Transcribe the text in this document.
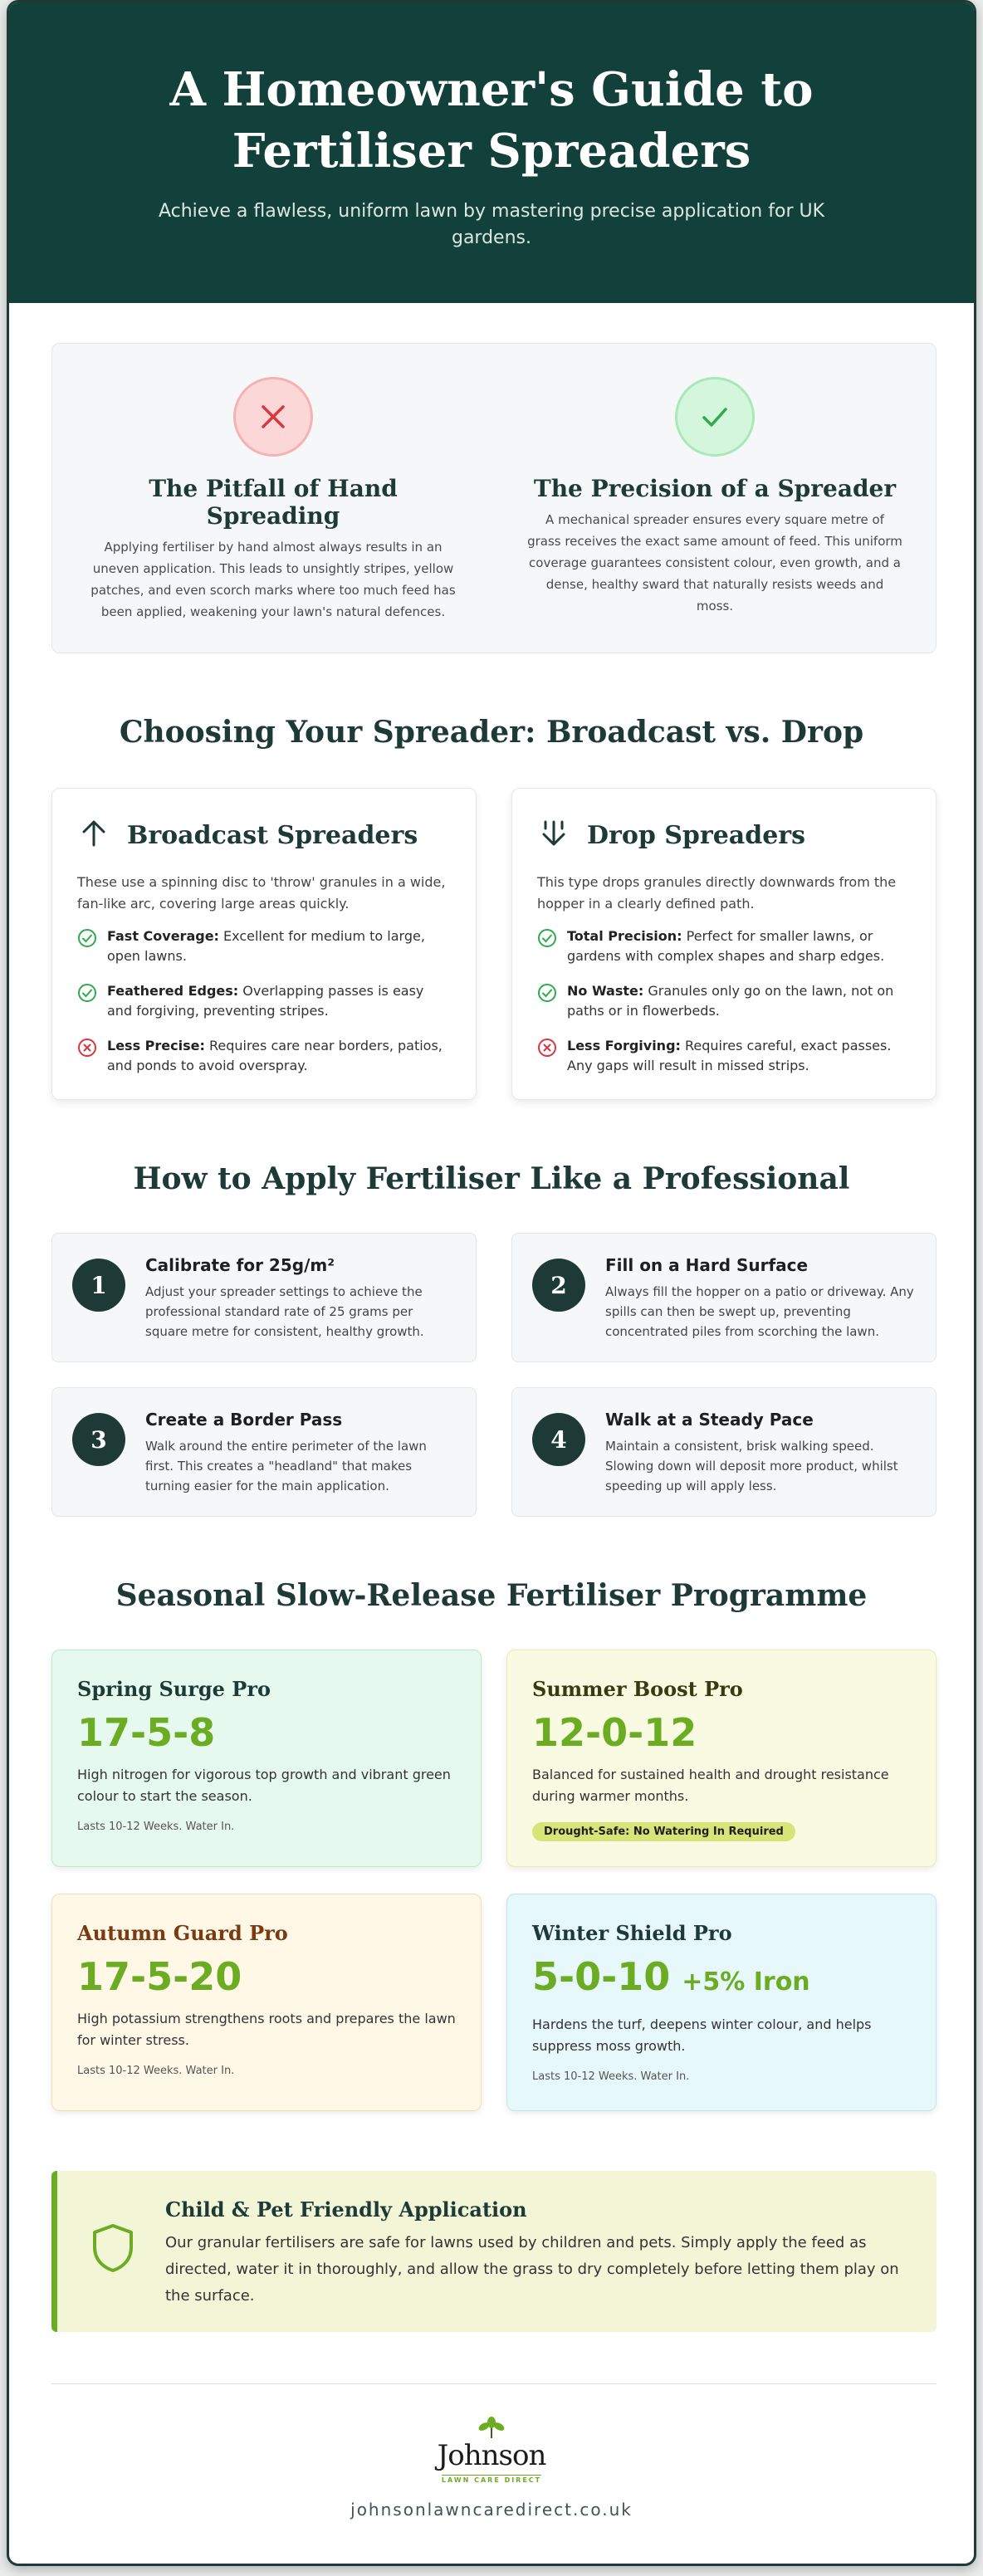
A Homeowner's Guide to Fertiliser Spreaders

Achieve a flawless, uniform lawn by mastering precise application for UK gardens.

The Pitfall of Hand Spreading

Applying fertiliser by hand almost always results in an uneven application. This leads to unsightly stripes, yellow patches, and even scorch marks where too much feed has been applied, weakening your lawn's natural defences.

The Precision of a Spreader

A mechanical spreader ensures every square metre of grass receives the exact same amount of feed. This uniform coverage guarantees consistent colour, even growth, and a dense, healthy sward that naturally resists weeds and moss.

Choosing Your Spreader: Broadcast vs. Drop
Broadcast Spreaders

These use a spinning disc to 'throw' granules in a wide, fan-like arc, covering large areas quickly.

Fast Coverage: Excellent for medium to large, open lawns.
Feathered Edges: Overlapping passes is easy and forgiving, preventing stripes.
Less Precise: Requires care near borders, patios, and ponds to avoid overspray.
Drop Spreaders

This type drops granules directly downwards from the hopper in a clearly defined path.

Total Precision: Perfect for smaller lawns, or gardens with complex shapes and sharp edges.
No Waste: Granules only go on the lawn, not on paths or in flowerbeds.
Less Forgiving: Requires careful, exact passes. Any gaps will result in missed strips.
How to Apply Fertiliser Like a Professional
1
Calibrate for 25g/m²

Adjust your spreader settings to achieve the professional standard rate of 25 grams per square metre for consistent, healthy growth.

2
Fill on a Hard Surface

Always fill the hopper on a patio or driveway. Any spills can then be swept up, preventing concentrated piles from scorching the lawn.

3
Create a Border Pass

Walk around the entire perimeter of the lawn first. This creates a "headland" that makes turning easier for the main application.

4
Walk at a Steady Pace

Maintain a consistent, brisk walking speed. Slowing down will deposit more product, whilst speeding up will apply less.

Seasonal Slow-Release Fertiliser Programme
Spring Surge Pro
17-5-8

High nitrogen for vigorous top growth and vibrant green colour to start the season.

Lasts 10-12 Weeks. Water In.

Summer Boost Pro
12-0-12

Balanced for sustained health and drought resistance during warmer months.

Drought-Safe: No Watering In Required
Autumn Guard Pro
17-5-20

High potassium strengthens roots and prepares the lawn for winter stress.

Lasts 10-12 Weeks. Water In.

Winter Shield Pro
5-0-10 +5% Iron

Hardens the turf, deepens winter colour, and helps suppress moss growth.

Lasts 10-12 Weeks. Water In.

Child & Pet Friendly Application

Our granular fertilisers are safe for lawns used by children and pets. Simply apply the feed as directed, water it in thoroughly, and allow the grass to dry completely before letting them play on the surface.

Johnson
LAWN CARE DIRECT
johnsonlawncaredirect.co.uk
